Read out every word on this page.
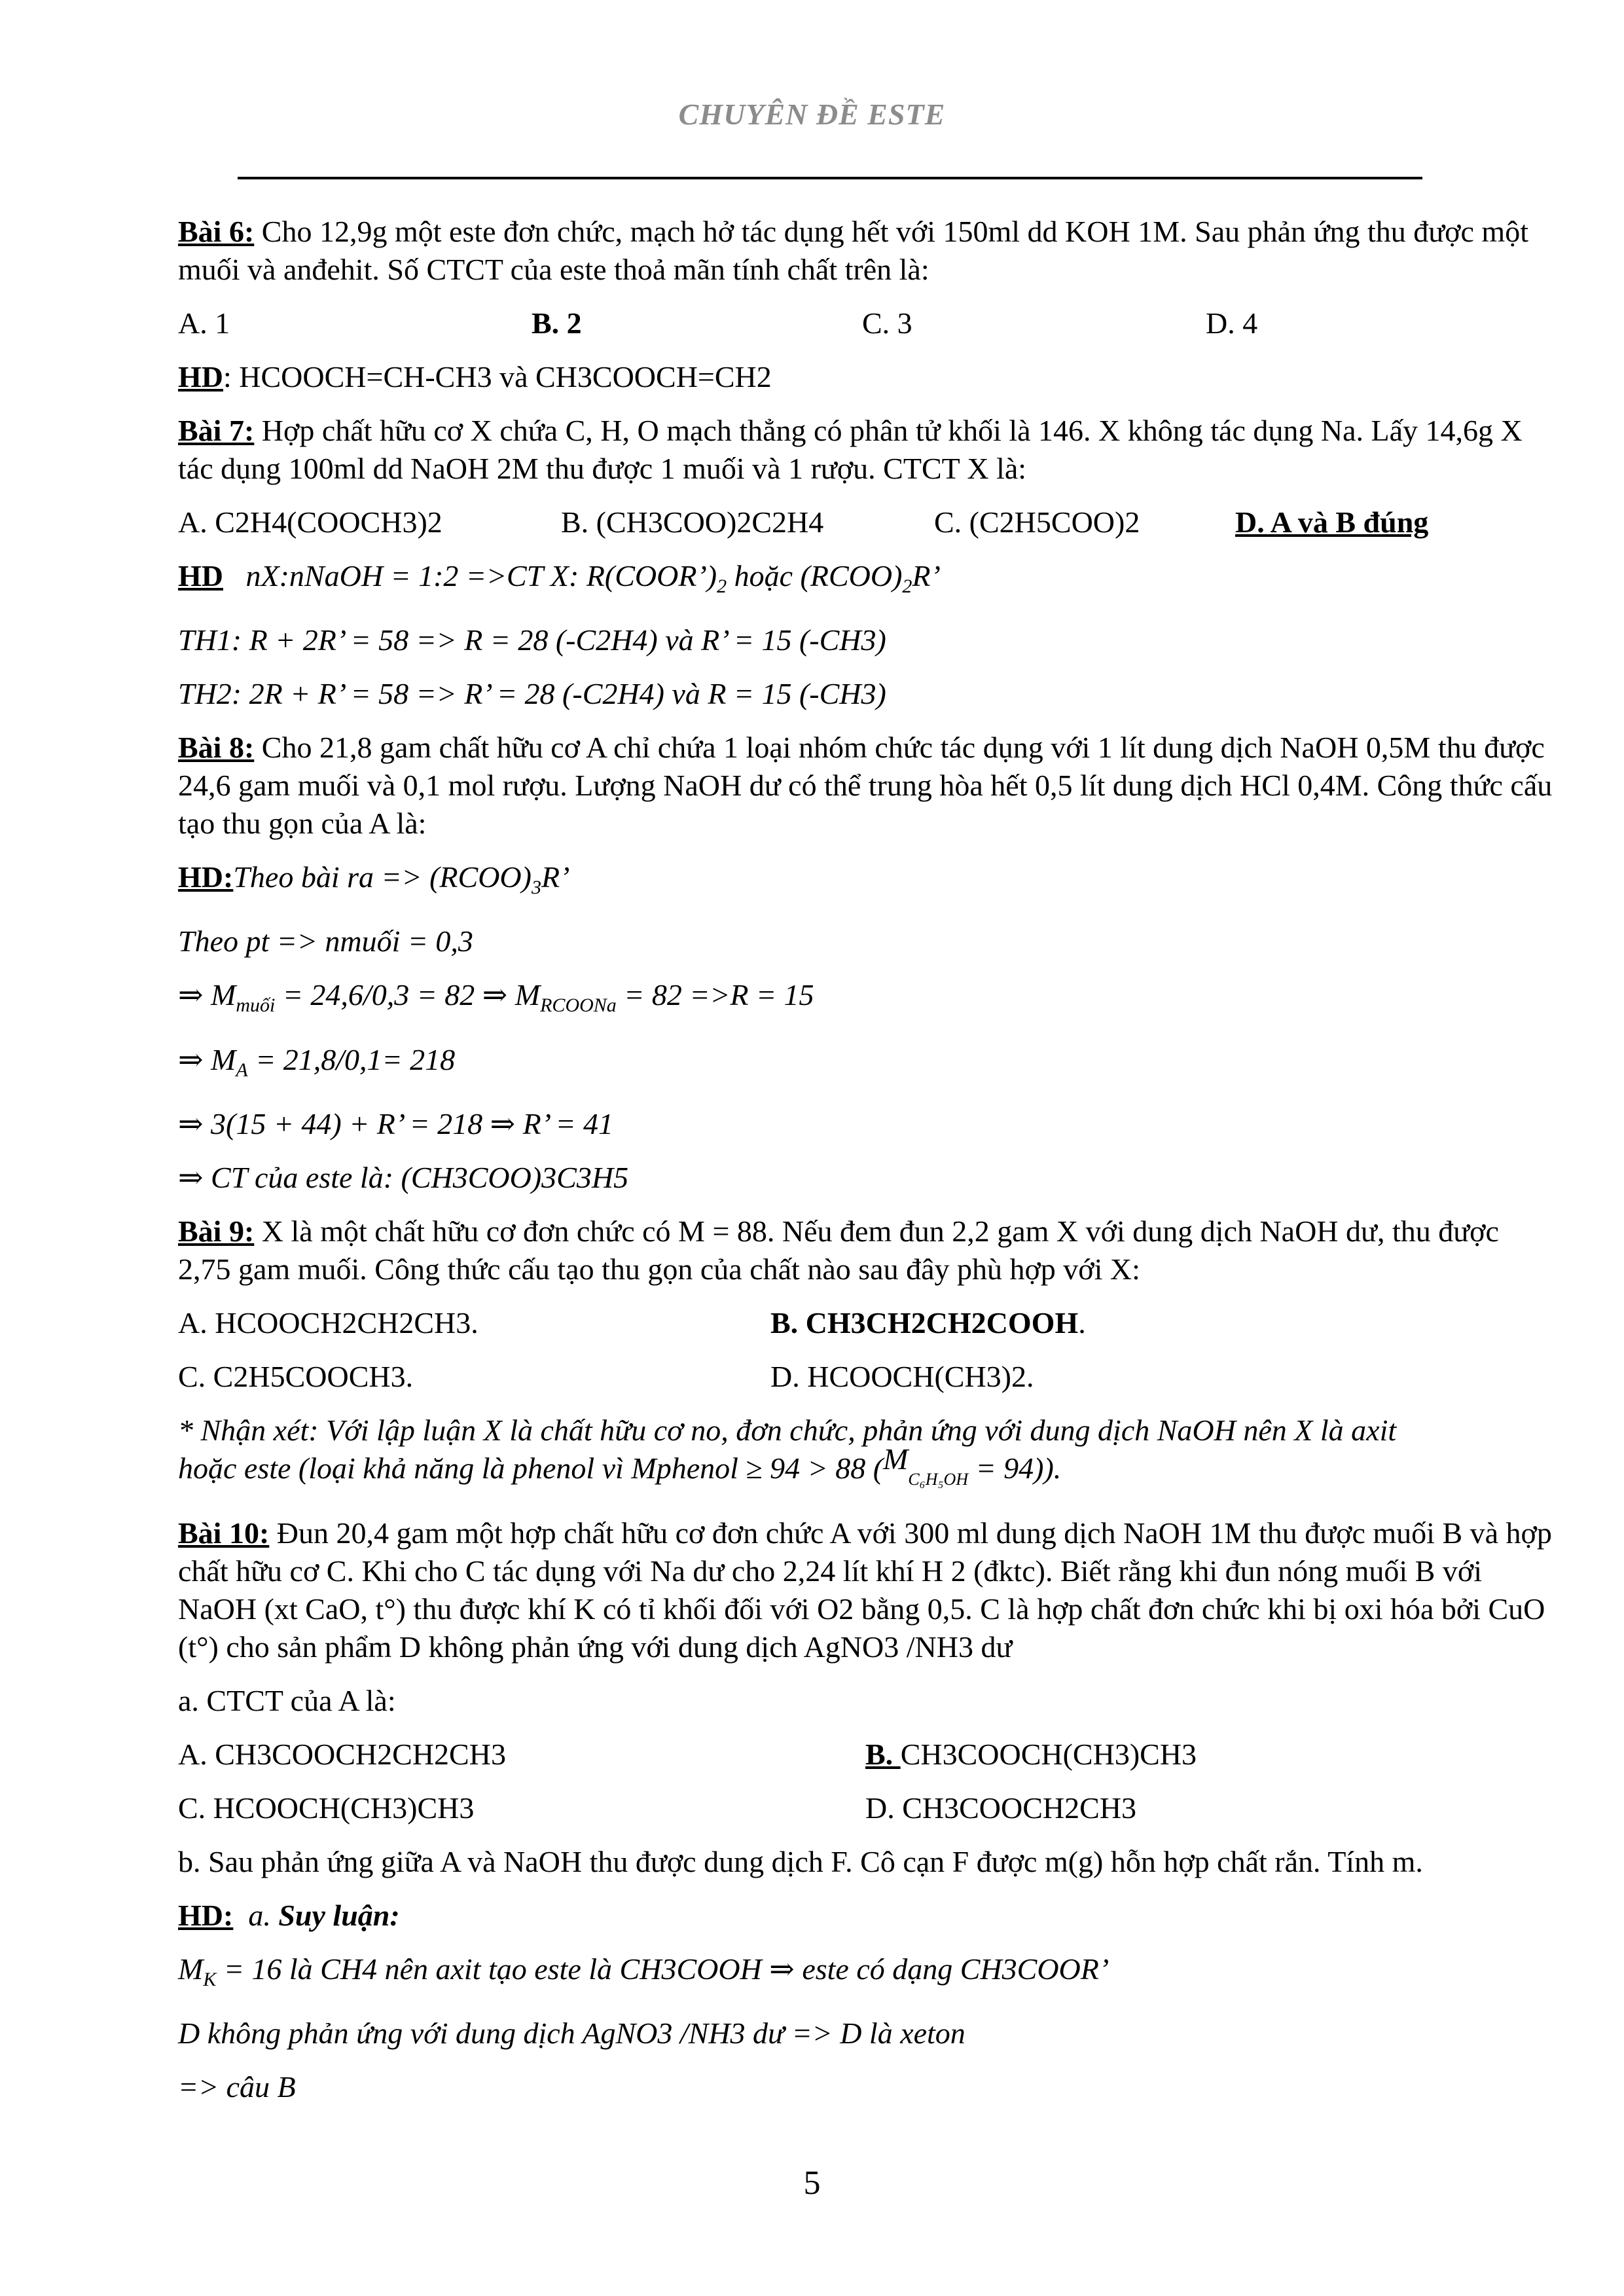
CHUYÊN ĐỀ ESTE

Bài 6: Cho 12,9g một este đơn chức, mạch hở tác dụng hết với 150ml dd KOH 1M. Sau phản ứng thu được một muối và anđehit. Số CTCT của este thoả mãn tính chất trên là:

A. 1	B. 2	C. 3	D. 4

HD: HCOOCH=CH-CH3 và CH3COOCH=CH2

Bài 7: Hợp chất hữu cơ X chứa C, H, O mạch thẳng có phân tử khối là 146. X không tác dụng Na. Lấy 14,6g X tác dụng 100ml dd NaOH 2M thu được 1 muối và 1 rượu. CTCT X là:

A. C2H4(COOCH3)2	B. (CH3COO)2C2H4	C. (C2H5COO)2	D. A và B đúng

HD nX:nNaOH = 1:2 =>CT X: $R(COOR’)_2$ hoặc $(RCOO)_2R$’

TH1: R + 2R’ = 58 => R = 28 (-C2H4) và R’ = 15 (-CH3)

TH2: 2R + R’ = 58 => R’ = 28 (-C2H4) và R = 15 (-CH3)

Bài 8: Cho 21,8 gam chất hữu cơ A chỉ chứa 1 loại nhóm chức tác dụng với 1 lít dung dịch NaOH 0,5M thu được 24,6 gam muối và 0,1 mol rượu. Lượng NaOH dư có thể trung hòa hết 0,5 lít dung dịch HCl 0,4M. Công thức cấu tạo thu gọn của A là:

HD:Theo bài ra => $(RCOO)_3R$’

Theo pt => nmuối = 0,3

⇒ $M_{muối} = 24,6/0,3 = 82$ ⇒ $M_{RCOONa} = 82 =>R = 15$

⇒ $M_A = 21,8/0,1= 218$

⇒ 3(15 + 44) + R’ = 218 ⇒ R’ = 41

⇒ CT của este là: (CH3COO)3C3H5

Bài 9: X là một chất hữu cơ đơn chức có M = 88. Nếu đem đun 2,2 gam X với dung dịch NaOH dư, thu được 2,75 gam muối. Công thức cấu tạo thu gọn của chất nào sau đây phù hợp với X:

A. HCOOCH2CH2CH3.	B. CH3CH2CH2COOH.
C. C2H5COOCH3.	D. HCOOCH(CH3)2.

* Nhận xét: Với lập luận X là chất hữu cơ no, đơn chức, phản ứng với dung dịch NaOH nên X là axit

hoặc este (loại khả năng là phenol vì Mphenol ≥ 94 > 88 $(M_{C_6H_5OH} = 94)$).

Bài 10: Đun 20,4 gam một hợp chất hữu cơ đơn chức A với 300 ml dung dịch NaOH 1M thu được muối B và hợp chất hữu cơ C. Khi cho C tác dụng với Na dư cho 2,24 lít khí H 2 (đktc). Biết rằng khi đun nóng muối B với NaOH (xt CaO, t°) thu được khí K có tỉ khối đối với O2 bằng 0,5. C là hợp chất đơn chức khi bị oxi hóa bởi CuO (t°) cho sản phẩm D không phản ứng với dung dịch AgNO3 /NH3 dư

a. CTCT của A là:

A. CH3COOCH2CH2CH3	B. CH3COOCH(CH3)CH3
C. HCOOCH(CH3)CH3	D. CH3COOCH2CH3

b. Sau phản ứng giữa A và NaOH thu được dung dịch F. Cô cạn F được m(g) hỗn hợp chất rắn. Tính m.

HD: a. Suy luận:

$M_K = 16$ là CH4 nên axit tạo este là CH3COOH ⇒ este có dạng CH3COOR’

D không phản ứng với dung dịch AgNO3 /NH3 dư => D là xeton

=> câu B

5
